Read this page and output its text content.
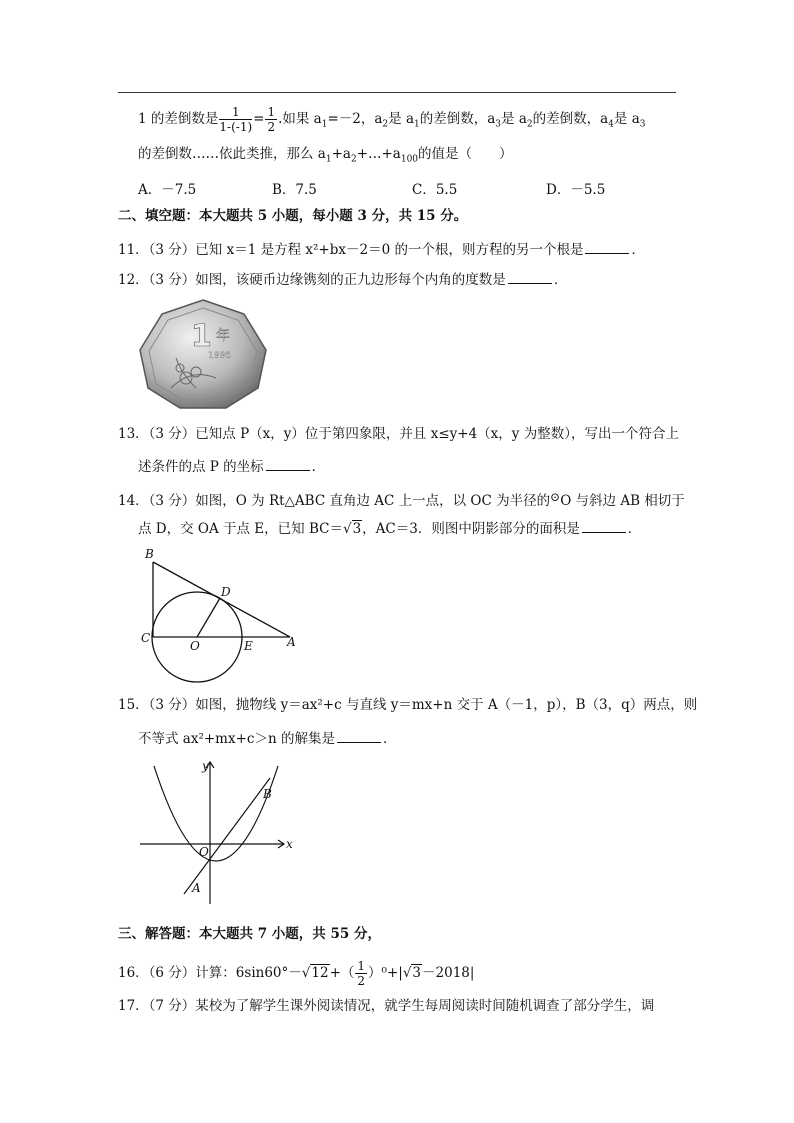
1 的差倒数是 $\frac{1}{1-(-1)} = \frac{1}{2}$ .如果 $a_1=-2$，$a_2$是 $a_1$的差倒数，$a_3$是 $a_2$的差倒数，$a_4$是 $a_3$
的差倒数……依此类推，那么 $a_1+a_2+\dots+a_{100}$的值是（　　）
A．－7.5	B．7.5	C．5.5	D．－5.5
二、填空题：本大题共 5 小题，每小题 3 分，共 15 分。
11．（3 分）已知 x＝1 是方程 x²+bx－2＝0 的一个根，则方程的另一个根是	．
12．（3 分）如图，该硬币边缘镌刻的正九边形每个内角的度数是	．
1 年
1996
13．（3 分）已知点 P（x，y）位于第四象限，并且 x≤y+4（x，y 为整数），写出一个符合上
述条件的点 P 的坐标	．
14．（3 分）如图，O 为 Rt△ABC 直角边 AC 上一点，以 OC 为半径的⊙O 与斜边 AB 相切于
点 D，交 OA 于点 E，已知 BC＝√3，AC＝3．则图中阴影部分的面积是	．
B
C
O
D
E	A
15．（3 分）如图，抛物线 y＝ax²+c 与直线 y＝mx+n 交于 A（－1，p），B（3，q）两点，则
不等式 ax²+mx+c＞n 的解集是	．
y
x
O
A
B
三、解答题：本大题共 7 小题，共 55 分，
16．（6 分）计算：$6\sin 60^\circ-√12+( \frac{1}{2} )^0+|√3-2018|$
17．（7 分）某校为了解学生课外阅读情况，就学生每周阅读时间随机调查了部分学生，调
